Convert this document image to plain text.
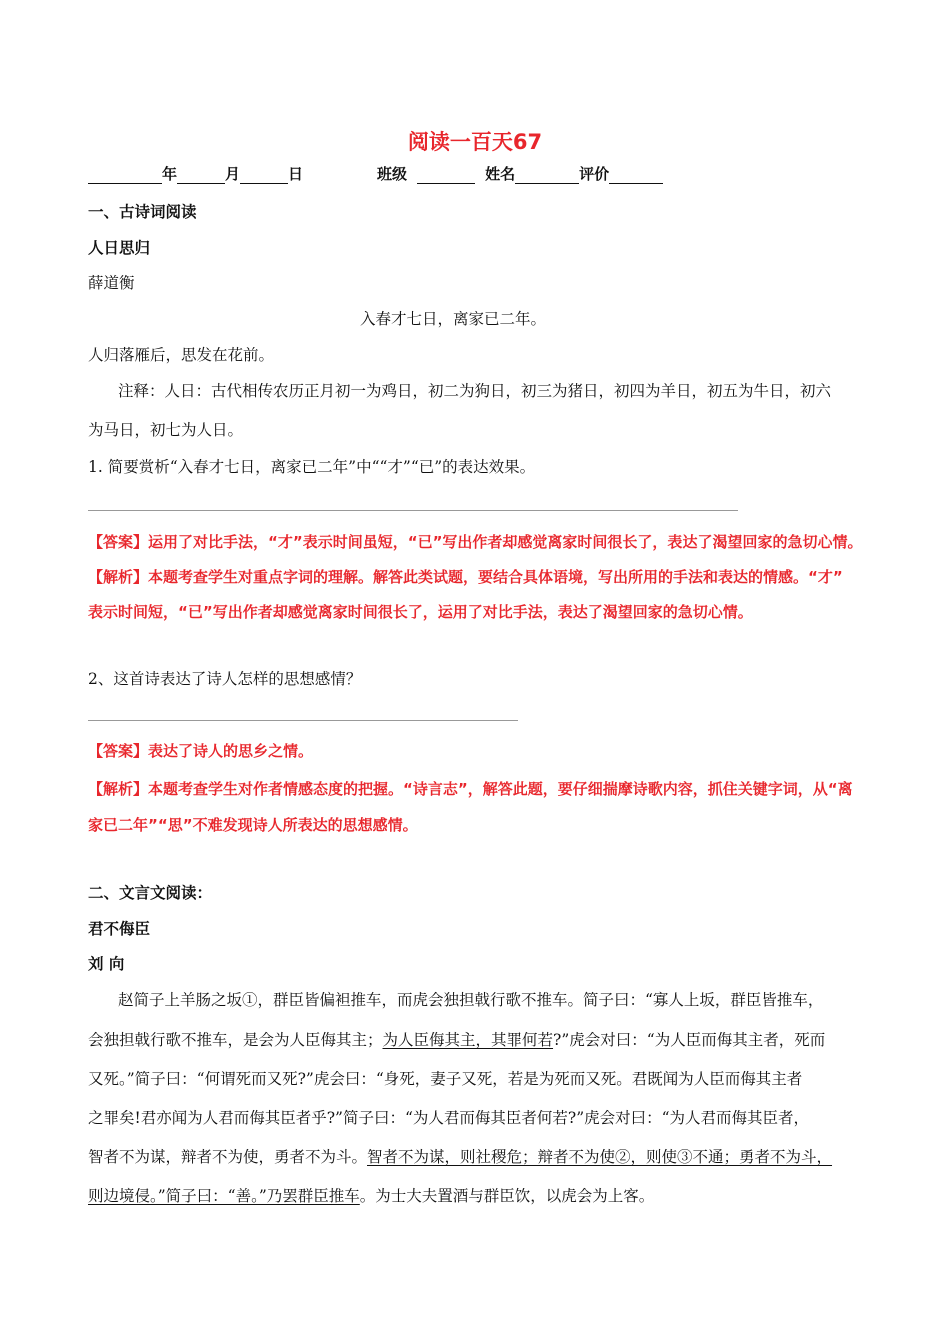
阅读一百天67
年	月	日	班级	姓名	评价
一、古诗词阅读
人日思归
薛道衡
入春才七日，离家已二年。
人归落雁后，思发在花前。
注释：人日：古代相传农历正月初一为鸡日，初二为狗日，初三为猪日，初四为羊日，初五为牛日，初六
为马日，初七为人日。
1. 简要赏析“入春才七日，离家已二年”中““才”“已”的表达效果。
【答案】运用了对比手法，“才”表示时间虽短，“已”写出作者却感觉离家时间很长了，表达了渴望回家的急切心情。
【解析】本题考查学生对重点字词的理解。解答此类试题，要结合具体语境，写出所用的手法和表达的情感。“才”
表示时间短，“已”写出作者却感觉离家时间很长了，运用了对比手法，表达了渴望回家的急切心情。
2、这首诗表达了诗人怎样的思想感情？
【答案】表达了诗人的思乡之情。
【解析】本题考查学生对作者情感态度的把握。“诗言志”，解答此题，要仔细揣摩诗歌内容，抓住关键字词，从“离
家已二年”“思”不难发现诗人所表达的思想感情。
二、文言文阅读：
君不侮臣
刘 向
赵简子上羊肠之坂①，群臣皆偏袒推车，而虎会独担戟行歌不推车。简子曰：“寡人上坂，群臣皆推车，
会独担戟行歌不推车，是会为人臣侮其主；为人臣侮其主，其罪何若?”虎会对曰：“为人臣而侮其主者，死而
又死。”简子曰：“何谓死而又死?”虎会曰：“身死，妻子又死，若是为死而又死。君既闻为人臣而侮其主者
之罪矣!君亦闻为人君而侮其臣者乎?”简子曰：“为人君而侮其臣者何若?”虎会对曰：“为人君而侮其臣者，
智者不为谋，辩者不为使，勇者不为斗。智者不为谋，则社稷危；辩者不为使②，则使③不通；勇者不为斗，
则边境侵。”简子曰：“善。”乃罢群臣推车。为士大夫置酒与群臣饮，以虎会为上客。
